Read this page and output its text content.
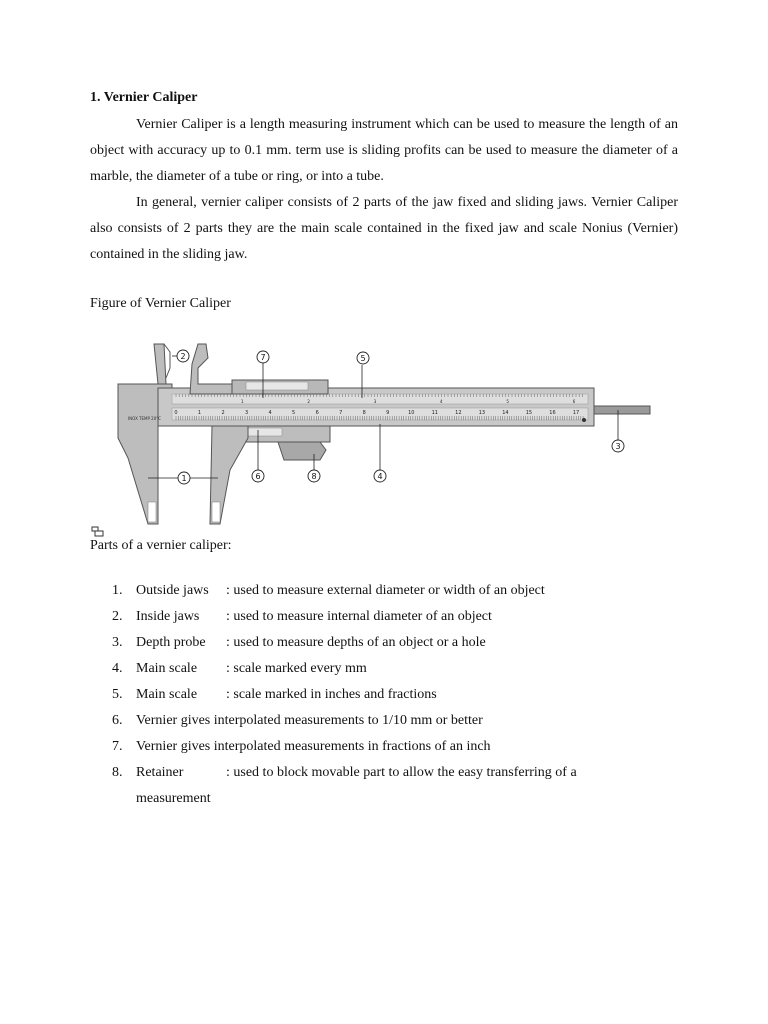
1. Vernier Caliper

Vernier Caliper is a length measuring instrument which can be used to measure the length of an object with accuracy up to 0.1 mm. term use is sliding profits can be used to measure the diameter of a marble, the diameter of a tube or ring, or into a tube.

In general, vernier caliper consists of 2 parts of the jaw fixed and sliding jaws. Vernier Caliper also consists of 2 parts they are the main scale contained in the fixed jaw and scale Nonius (Vernier) contained in the sliding jaw.

Figure of Vernier Caliper
0	1	2	3	4	5	6	7	8	9	10	11	12	13	14	15	16	17
1	2	3	4	5	6
INOX TEMP 20°C
1
2
3
4
5
6
7
8
Parts of a vernier caliper:
1. Outside jaws : used to measure external diameter or width of an object
2. Inside jaws : used to measure internal diameter of an object
3. Depth probe : used to measure depths of an object or a hole
4. Main scale : scale marked every mm
5. Main scale : scale marked in inches and fractions
6. Vernier gives interpolated measurements to 1/10 mm or better
7. Vernier gives interpolated measurements in fractions of an inch
8. Retainer	: used to block movable part to allow the easy transferring of a measurement
